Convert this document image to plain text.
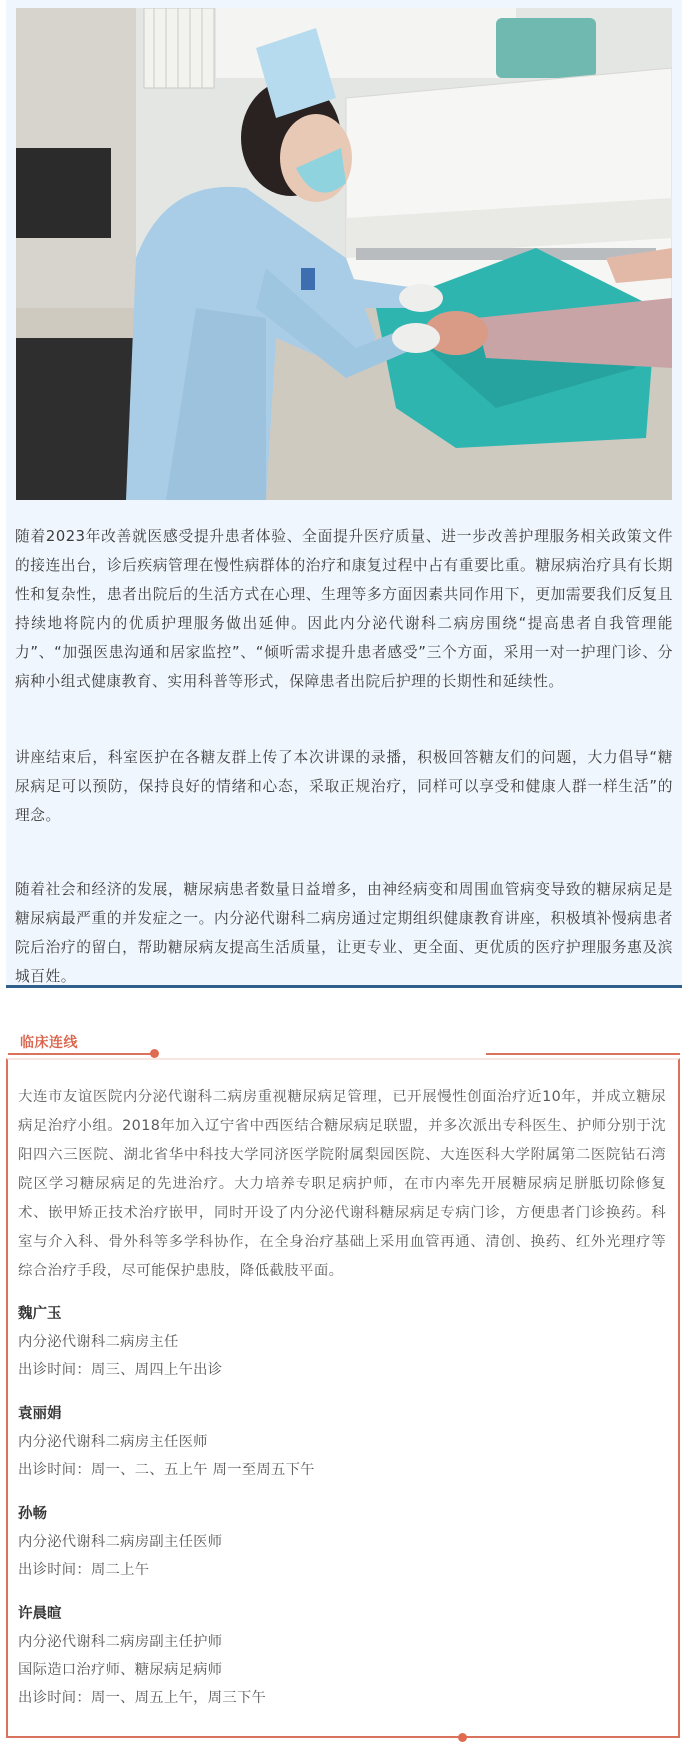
随着2023年改善就医感受提升患者体验、全面提升医疗质量、进一步改善护理服务相关政策文件的接连出台，诊后疾病管理在慢性病群体的治疗和康复过程中占有重要比重。糖尿病治疗具有长期性和复杂性，患者出院后的生活方式在心理、生理等多方面因素共同作用下，更加需要我们反复且持续地将院内的优质护理服务做出延伸。因此内分泌代谢科二病房围绕“提高患者自我管理能力”、“加强医患沟通和居家监控”、“倾听需求提升患者感受”三个方面，采用一对一护理门诊、分病种小组式健康教育、实用科普等形式，保障患者出院后护理的长期性和延续性。

讲座结束后，科室医护在各糖友群上传了本次讲课的录播，积极回答糖友们的问题，大力倡导“糖尿病足可以预防，保持良好的情绪和心态，采取正规治疗，同样可以享受和健康人群一样生活”的理念。

随着社会和经济的发展，糖尿病患者数量日益增多，由神经病变和周围血管病变导致的糖尿病足是糖尿病最严重的并发症之一。内分泌代谢科二病房通过定期组织健康教育讲座，积极填补慢病患者院后治疗的留白，帮助糖尿病友提高生活质量，让更专业、更全面、更优质的医疗护理服务惠及滨城百姓。

临床连线

大连市友谊医院内分泌代谢科二病房重视糖尿病足管理，已开展慢性创面治疗近10年，并成立糖尿病足治疗小组。2018年加入辽宁省中西医结合糖尿病足联盟，并多次派出专科医生、护师分别于沈阳四六三医院、湖北省华中科技大学同济医学院附属梨园医院、大连医科大学附属第二医院钻石湾院区学习糖尿病足的先进治疗。大力培养专职足病护师，在市内率先开展糖尿病足胼胝切除修复术、嵌甲矫正技术治疗嵌甲，同时开设了内分泌代谢科糖尿病足专病门诊，方便患者门诊换药。科室与介入科、骨外科等多学科协作，在全身治疗基础上采用血管再通、清创、换药、红外光理疗等综合治疗手段，尽可能保护患肢，降低截肢平面。

魏广玉
内分泌代谢科二病房主任
出诊时间：周三、周四上午出诊
袁丽娟
内分泌代谢科二病房主任医师
出诊时间：周一、二、五上午 周一至周五下午
孙畅
内分泌代谢科二病房副主任医师
出诊时间：周二上午
许晨暄
内分泌代谢科二病房副主任护师
国际造口治疗师、糖尿病足病师
出诊时间：周一、周五上午，周三下午
